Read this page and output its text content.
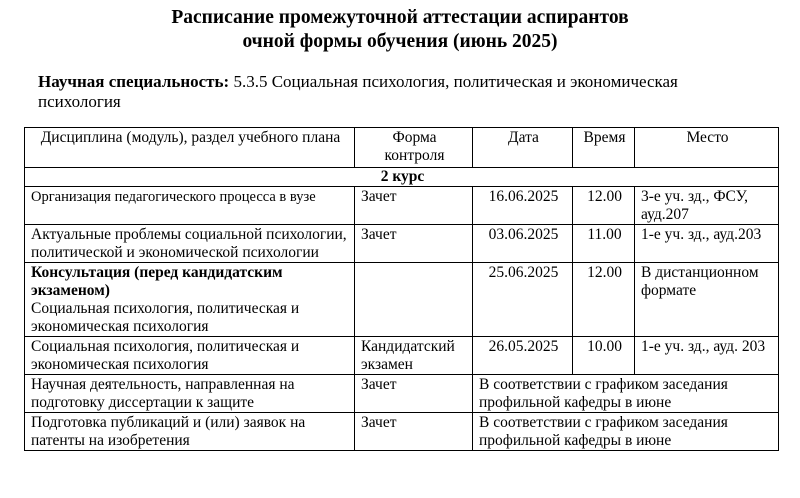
Расписание промежуточной аттестации аспирантов
очной формы обучения (июнь 2025)
Научная специальность: 5.3.5 Социальная психология, политическая и экономическая психология
Дисциплина (модуль), раздел учебного плана	Форма контроля	Дата	Время	Место
2 курс				
Организация педагогического процесса в вузе	Зачет	16.06.2025	12.00	3-е уч. зд., ФСУ, ауд.207
Актуальные проблемы социальной психологии, политической и экономической психологии	Зачет	03.06.2025	11.00	1-е уч. зд., ауд.203

Консультация (перед кандидатским экзаменом)
Социальная психология, политическая и экономическая психология		25.06.2025	12.00	В дистанционном формате
Социальная психология, политическая и экономическая психология	Кандидатский экзамен	26.05.2025	10.00	1-е уч. зд., ауд. 203
Научная деятельность, направленная на подготовку диссертации к защите	Зачет	В соответствии с графиком заседания профильной кафедры в июне		
Подготовка публикаций и (или) заявок на патенты на изобретения	Зачет	В соответствии с графиком заседания профильной кафедры в июне		
